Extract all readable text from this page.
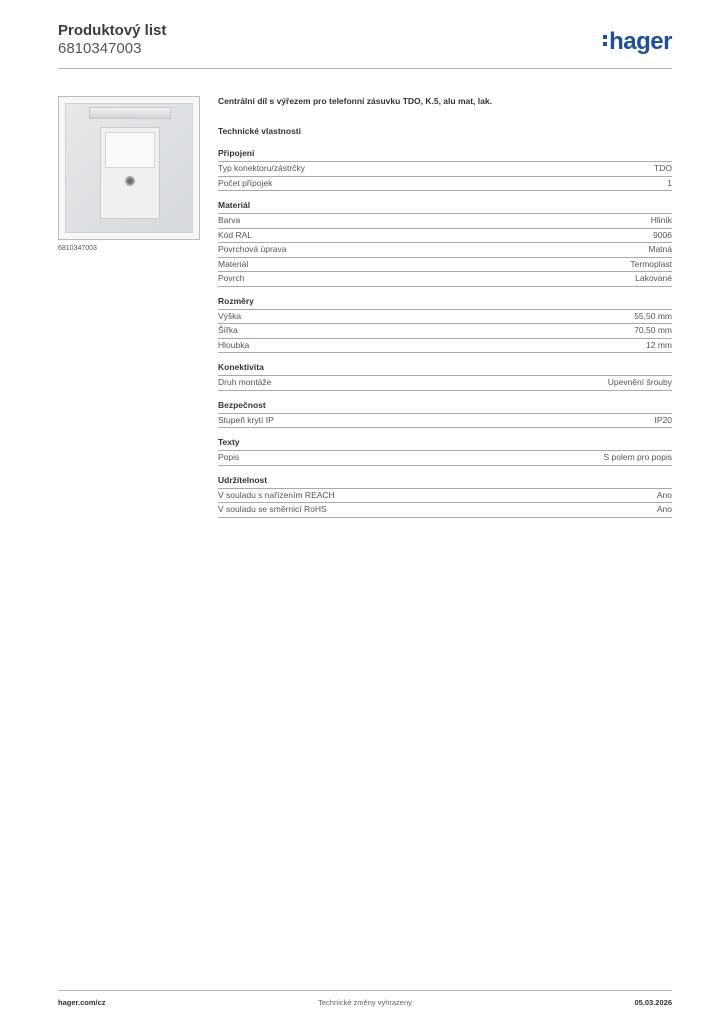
Produktový list
6810347003	hager
6810347003
Centrální díl s výřezem pro telefonní zásuvku TDO, K.5, alu mat, lak.
Technické vlastnosti
Připojení
Typ konektoru/zástrčky	TDO
Počet přípojek	1
Materiál
Barva	Hliník
Kód RAL	9006
Povrchová úprava	Matná
Materiál	Termoplast
Povrch	Lakované
Rozměry
Výška	55,50 mm
Šířka	70,50 mm
Hloubka	12 mm
Konektivita
Druh montáže	Upevnění šrouby
Bezpečnost
Stupeň krytí IP	IP20
Texty
Popis	S polem pro popis
Udržitelnost
V souladu s nařízením REACH	Ano
V souladu se směrnicí RoHS	Ano
Technické změny vyhrazeny
hager.com/cz	05.03.2026
